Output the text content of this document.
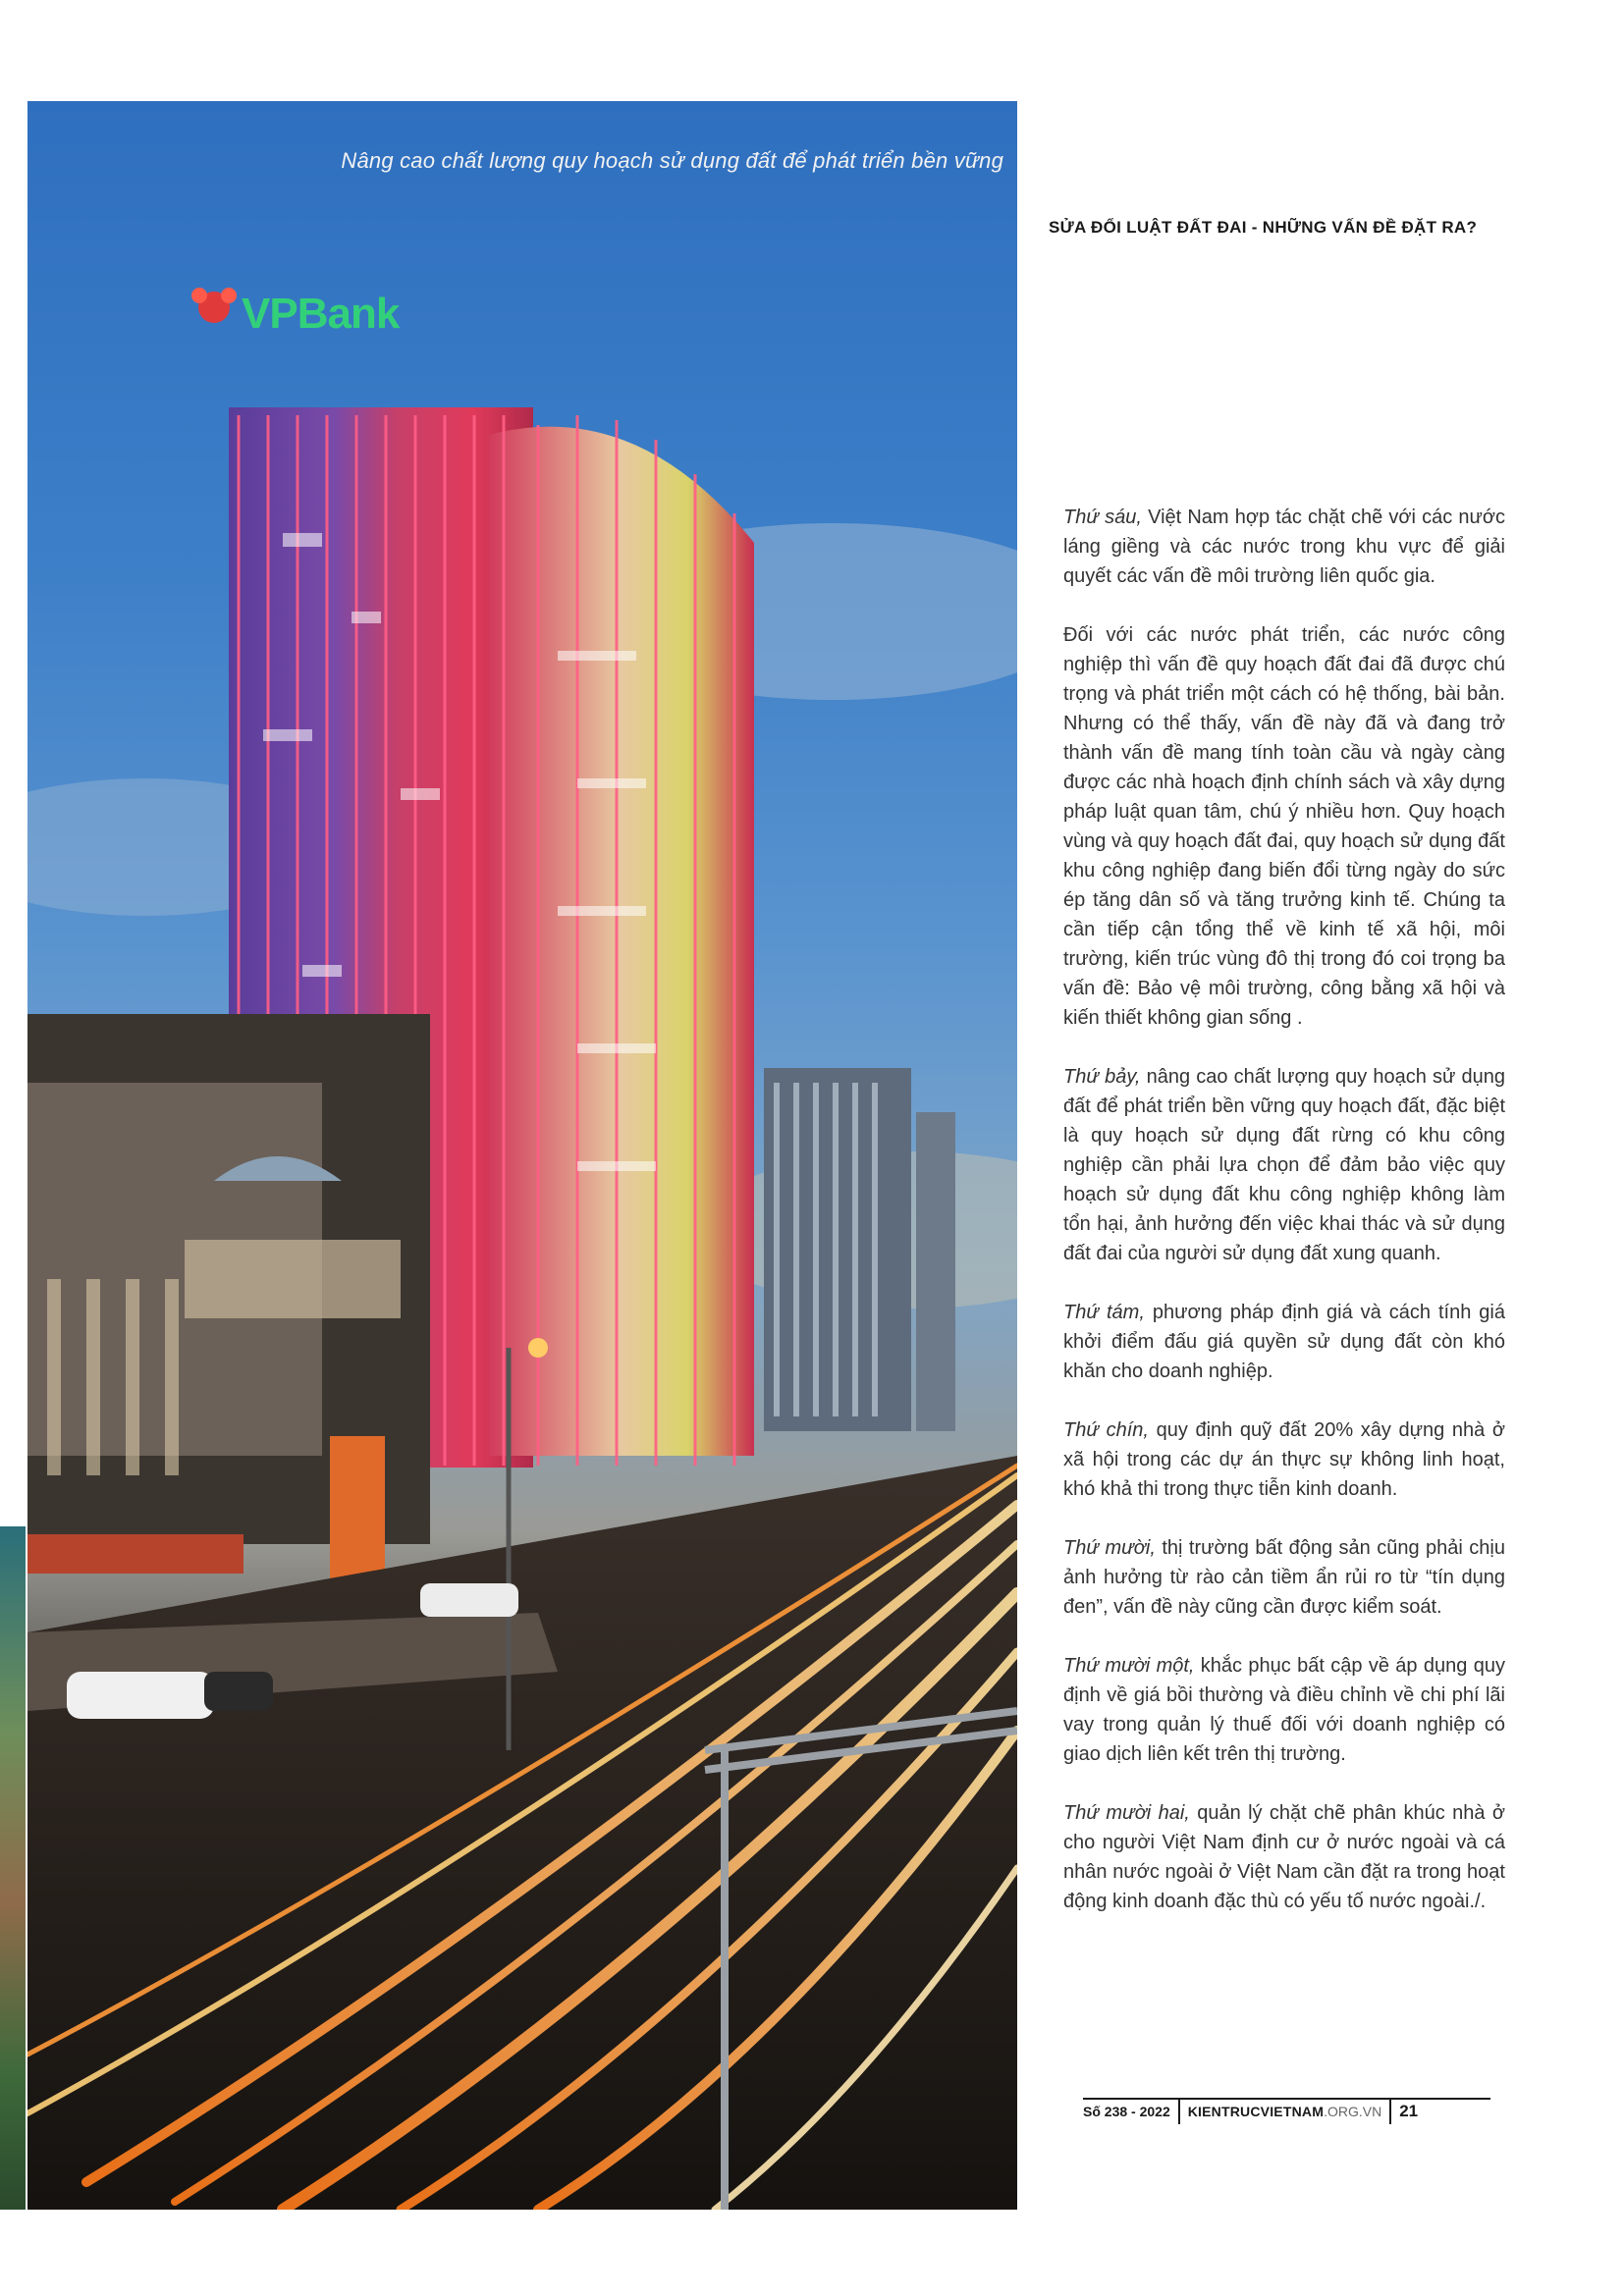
VPBank
Nâng cao chất lượng quy hoạch sử dụng đất để phát triển bền vững
SỬA ĐỔI LUẬT ĐẤT ĐAI - NHỮNG VẤN ĐỀ ĐẶT RA?

Thứ sáu, Việt Nam hợp tác chặt chẽ với các nước láng giềng và các nước trong khu vực để giải quyết các vấn đề môi trường liên quốc gia.

Đối với các nước phát triển, các nước công nghiệp thì vấn đề quy hoạch đất đai đã được chú trọng và phát triển một cách có hệ thống, bài bản. Nhưng có thể thấy, vấn đề này đã và đang trở thành vấn đề mang tính toàn cầu và ngày càng được các nhà hoạch định chính sách và xây dựng pháp luật quan tâm, chú ý nhiều hơn. Quy hoạch vùng và quy hoạch đất đai, quy hoạch sử dụng đất khu công nghiệp đang biến đổi từng ngày do sức ép tăng dân số và tăng trưởng kinh tế. Chúng ta cần tiếp cận tổng thể về kinh tế xã hội, môi trường, kiến trúc vùng đô thị trong đó coi trọng ba vấn đề: Bảo vệ môi trường, công bằng xã hội và kiến thiết không gian sống .

Thứ bảy, nâng cao chất lượng quy hoạch sử dụng đất để phát triển bền vững quy hoạch đất, đặc biệt là quy hoạch sử dụng đất rừng có khu công nghiệp cần phải lựa chọn để đảm bảo việc quy hoạch sử dụng đất khu công nghiệp không làm tổn hại, ảnh hưởng đến việc khai thác và sử dụng đất đai của người sử dụng đất xung quanh.

Thứ tám, phương pháp định giá và cách tính giá khởi điểm đấu giá quyền sử dụng đất còn khó khăn cho doanh nghiệp.

Thứ chín, quy định quỹ đất 20% xây dựng nhà ở xã hội trong các dự án thực sự không linh hoạt, khó khả thi trong thực tiễn kinh doanh.

Thứ mười, thị trường bất động sản cũng phải chịu ảnh hưởng từ rào cản tiềm ẩn rủi ro từ “tín dụng đen”, vấn đề này cũng cần được kiểm soát.

Thứ mười một, khắc phục bất cập về áp dụng quy định về giá bồi thường và điều chỉnh về chi phí lãi vay trong quản lý thuế đối với doanh nghiệp có giao dịch liên kết trên thị trường.

Thứ mười hai, quản lý chặt chẽ phân khúc nhà ở cho người Việt Nam định cư ở nước ngoài và cá nhân nước ngoài ở Việt Nam cần đặt ra trong hoạt động kinh doanh đặc thù có yếu tố nước ngoài./.

Số 238 - 2022 KIENTRUCVIETNAM .ORG.VN 21
